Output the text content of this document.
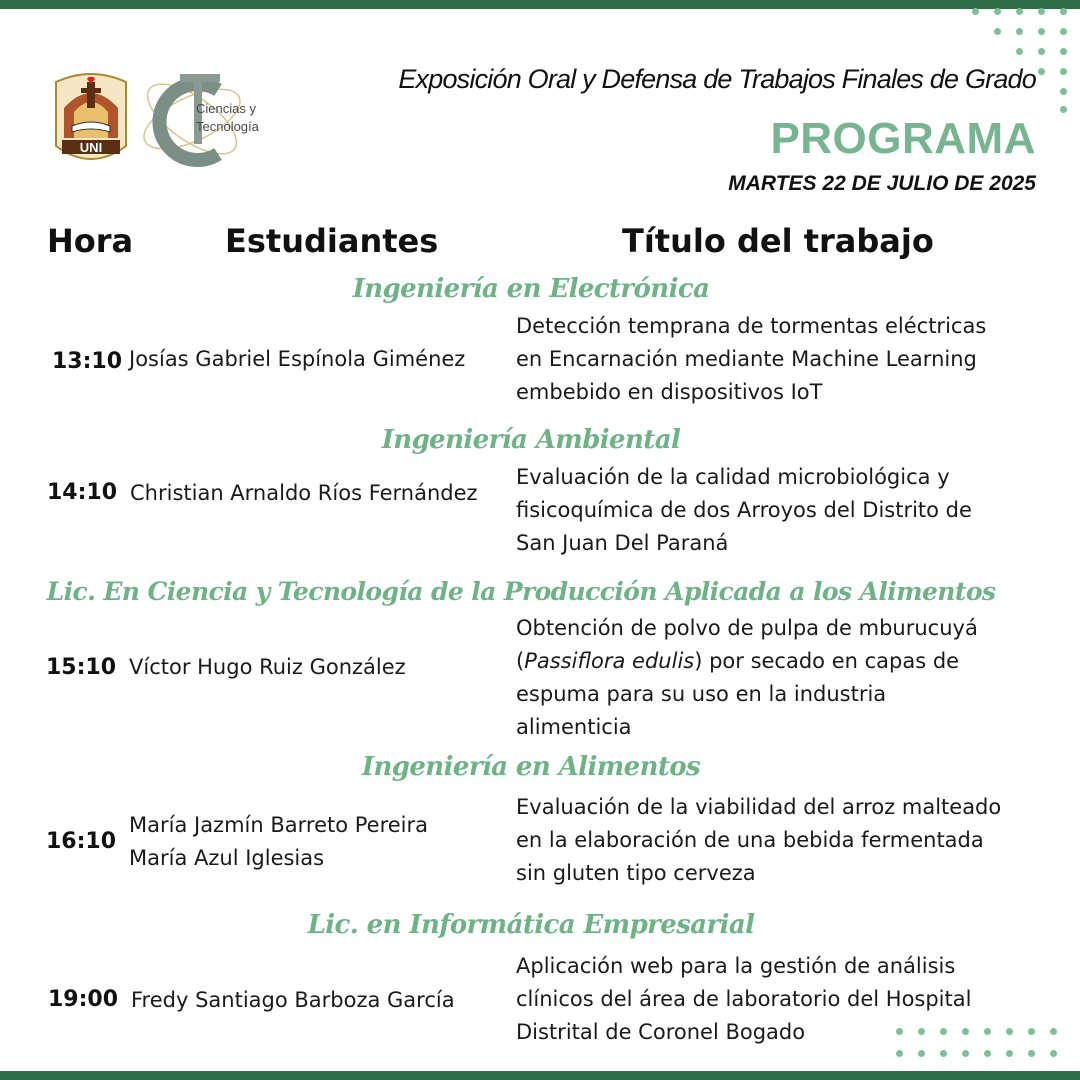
UNI
Ciencias y
Tecnología
Exposición Oral y Defensa de Trabajos Finales de Grado
PROGRAMA
MARTES 22 DE JULIO DE 2025
Hora	Estudiantes	Título del trabajo
Ingeniería en Electrónica
13:10 Josías Gabriel Espínola Giménez
Detección temprana de tormentas eléctricas
en Encarnación mediante Machine Learning
embebido en dispositivos IoT
Ingeniería Ambiental
14:10 Christian Arnaldo Ríos Fernández
Evaluación de la calidad microbiológica y
fisicoquímica de dos Arroyos del Distrito de
San Juan Del Paraná
Lic. En Ciencia y Tecnología de la Producción Aplicada a los Alimentos
15:10 Víctor Hugo Ruiz González
Obtención de polvo de pulpa de mburucuyá
(Passiflora edulis) por secado en capas de
espuma para su uso en la industria
alimenticia
Ingeniería en Alimentos
16:10
María Jazmín Barreto Pereira
María Azul Iglesias
Evaluación de la viabilidad del arroz malteado
en la elaboración de una bebida fermentada
sin gluten tipo cerveza
Lic. en Informática Empresarial
19:00 Fredy Santiago Barboza García
Aplicación web para la gestión de análisis
clínicos del área de laboratorio del Hospital
Distrital de Coronel Bogado
